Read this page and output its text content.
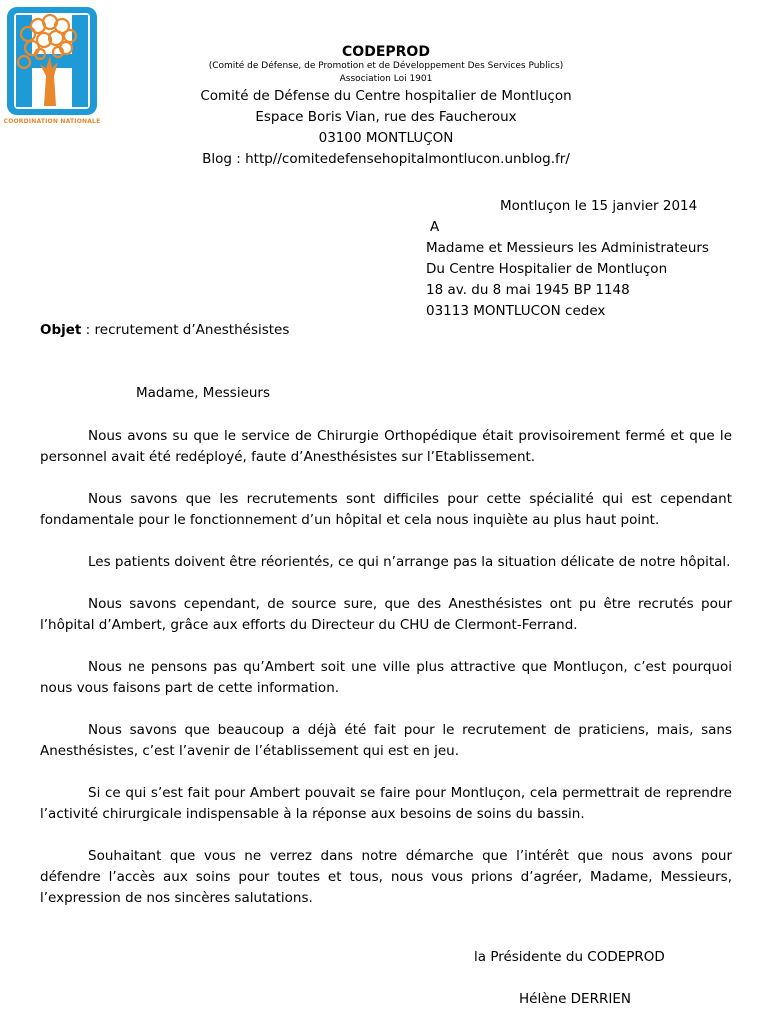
COORDINATION NATIONALE
CODEPROD
(Comité de Défense, de Promotion et de Développement Des Services Publics)
Association Loi 1901
Comité de Défense du Centre hospitalier de Montluçon
Espace Boris Vian, rue des Faucheroux
03100 MONTLUÇON
Blog : http//comitedefensehopitalmontlucon.unblog.fr/
Montluçon le 15 janvier 2014
A
Madame et Messieurs les Administrateurs
Du Centre Hospitalier de Montluçon
18 av. du 8 mai 1945 BP 1148
03113 MONTLUCON cedex
Objet : recrutement d’Anesthésistes
Madame, Messieurs

Nous avons su que le service de Chirurgie Orthopédique était provisoirement fermé et que le personnel avait été redéployé, faute d’Anesthésistes sur l’Etablissement.

Nous savons que les recrutements sont difficiles pour cette spécialité qui est cependant fondamentale pour le fonctionnement d’un hôpital et cela nous inquiète au plus haut point.

Les patients doivent être réorientés, ce qui n’arrange pas la situation délicate de notre hôpital.

Nous savons cependant, de source sure, que des Anesthésistes ont pu être recrutés pour l’hôpital d’Ambert, grâce aux efforts du Directeur du CHU de Clermont-Ferrand.

Nous ne pensons pas qu’Ambert soit une ville plus attractive que Montluçon, c’est pourquoi nous vous faisons part de cette information.

Nous savons que beaucoup a déjà été fait pour le recrutement de praticiens, mais, sans Anesthésistes, c’est l’avenir de l’établissement qui est en jeu.

Si ce qui s’est fait pour Ambert pouvait se faire pour Montluçon, cela permettrait de reprendre l’activité chirurgicale indispensable à la réponse aux besoins de soins du bassin.

Souhaitant que vous ne verrez dans notre démarche que l’intérêt que nous avons pour défendre l’accès aux soins pour toutes et tous, nous vous prions d’agréer, Madame, Messieurs, l’expression de nos sincères salutations.

la Présidente du CODEPROD
Hélène DERRIEN
